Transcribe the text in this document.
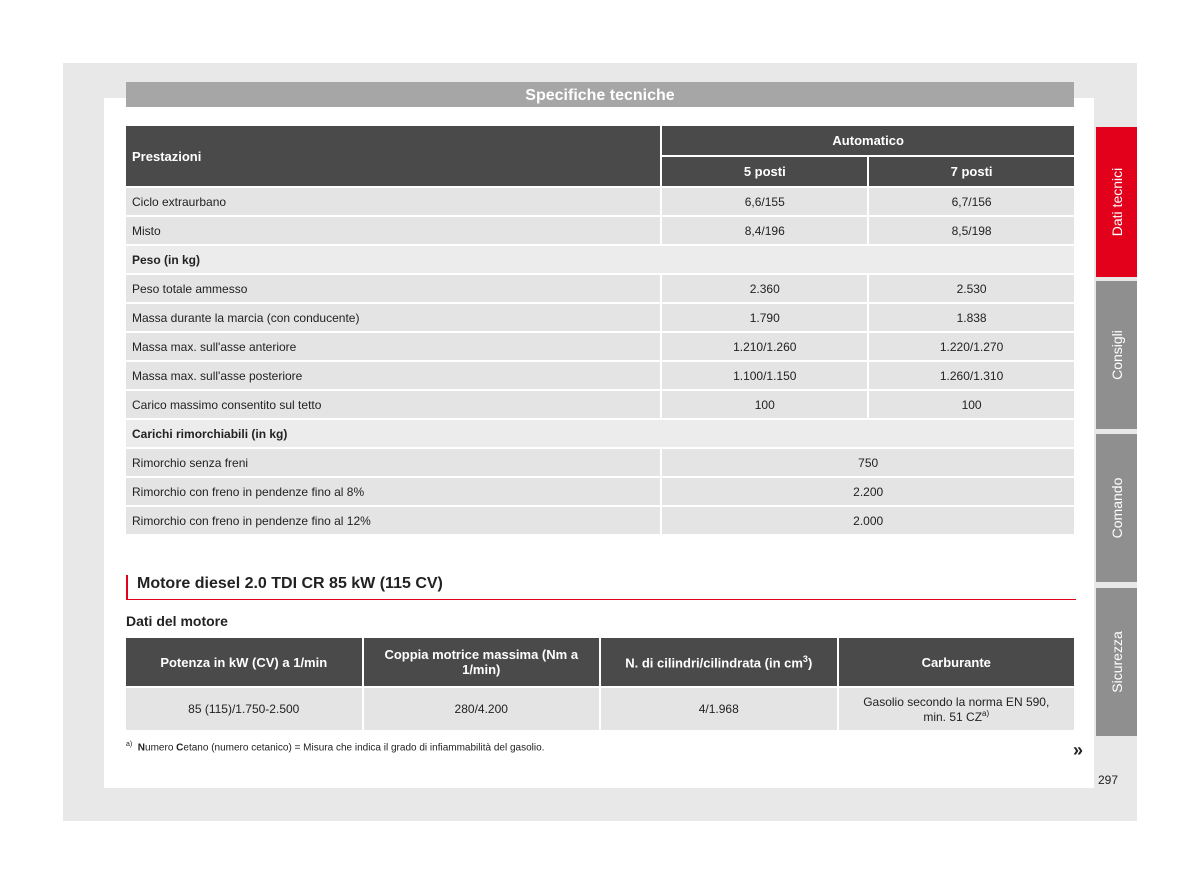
Specifiche tecniche
Prestazioni	Automatico	
	5 posti	7 posti
Ciclo extraurbano	6,6/155	6,7/156
Misto	8,4/196	8,5/198
Peso (in kg)		
Peso totale ammesso	2.360	2.530
Massa durante la marcia (con conducente)	1.790	1.838
Massa max. sull'asse anteriore	1.210/1.260	1.220/1.270
Massa max. sull'asse posteriore	1.100/1.150	1.260/1.310
Carico massimo consentito sul tetto	100	100
Carichi rimorchiabili (in kg)		
Rimorchio senza freni	750	
Rimorchio con freno in pendenze fino al 8%	2.200	
Rimorchio con freno in pendenze fino al 12%	2.000	
Dati tecnici
Consigli
Comando
Sicurezza
Motore diesel 2.0 TDI CR 85 kW (115 CV)
Dati del motore
Potenza in kW (CV) a 1/min	Coppia motrice massima (Nm a 1/min)	N. di cilindri/cilindrata (in $cm^3$)	Carburante
85 (115)/1.750-2.500	280/4.200	4/1.968	Gasolio secondo la norma EN 590,
min. 51 CZ$^{a)}$
$^{a)}$ Numero Cetano (numero cetanico) = Misura che indica il grado di infiammabilità del gasolio.	»
297
